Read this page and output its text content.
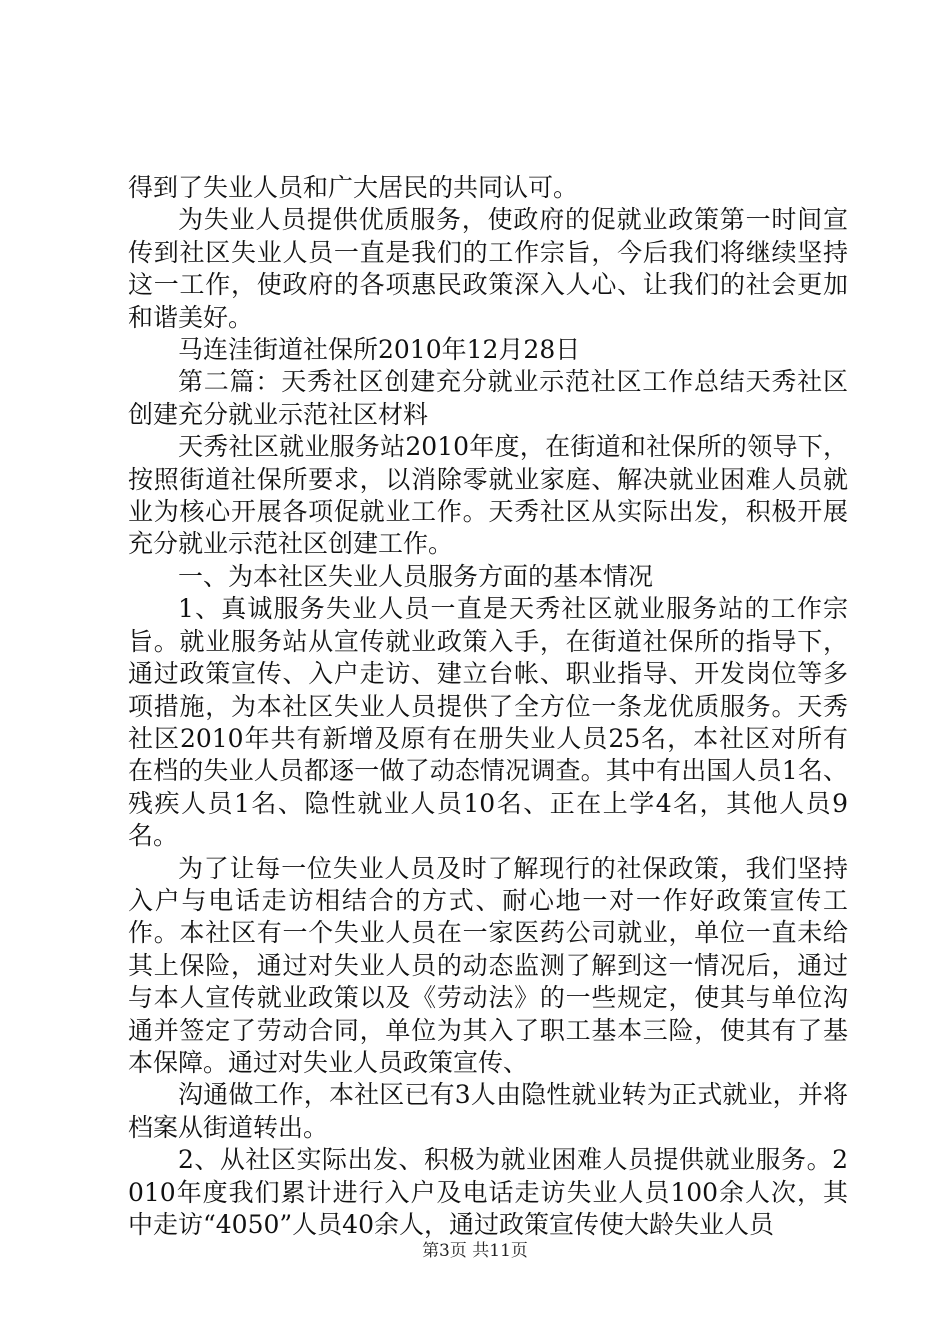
得到了失业人员和广大居民的共同认可。

为失业人员提供优质服务，使政府的促就业政策第一时间宣传到社区失业人员一直是我们的工作宗旨，今后我们将继续坚持这一工作，使政府的各项惠民政策深入人心、让我们的社会更加和谐美好。

马连洼街道社保所2010年12月28日

第二篇：天秀社区创建充分就业示范社区工作总结天秀社区创建充分就业示范社区材料

天秀社区就业服务站2010年度，在街道和社保所的领导下，按照街道社保所要求，以消除零就业家庭、解决就业困难人员就业为核心开展各项促就业工作。天秀社区从实际出发，积极开展充分就业示范社区创建工作。

一、为本社区失业人员服务方面的基本情况

1、真诚服务失业人员一直是天秀社区就业服务站的工作宗旨。就业服务站从宣传就业政策入手，在街道社保所的指导下，通过政策宣传、入户走访、建立台帐、职业指导、开发岗位等多项措施，为本社区失业人员提供了全方位一条龙优质服务。天秀社区2010年共有新增及原有在册失业人员25名，本社区对所有在档的失业人员都逐一做了动态情况调查。其中有出国人员1名、残疾人员1名、隐性就业人员10名、正在上学4名，其他人员9名。

为了让每一位失业人员及时了解现行的社保政策，我们坚持入户与电话走访相结合的方式、耐心地一对一作好政策宣传工作。本社区有一个失业人员在一家医药公司就业，单位一直未给其上保险，通过对失业人员的动态监测了解到这一情况后，通过与本人宣传就业政策以及《劳动法》的一些规定，使其与单位沟通并签定了劳动合同，单位为其入了职工基本三险，使其有了基本保障。通过对失业人员政策宣传、

沟通做工作，本社区已有3人由隐性就业转为正式就业，并将档案从街道转出。

2、从社区实际出发、积极为就业困难人员提供就业服务。2010年度我们累计进行入户及电话走访失业人员100余人次，其中走访“4050”人员40余人，通过政策宣传使大龄失业人员

第3页 共11页
